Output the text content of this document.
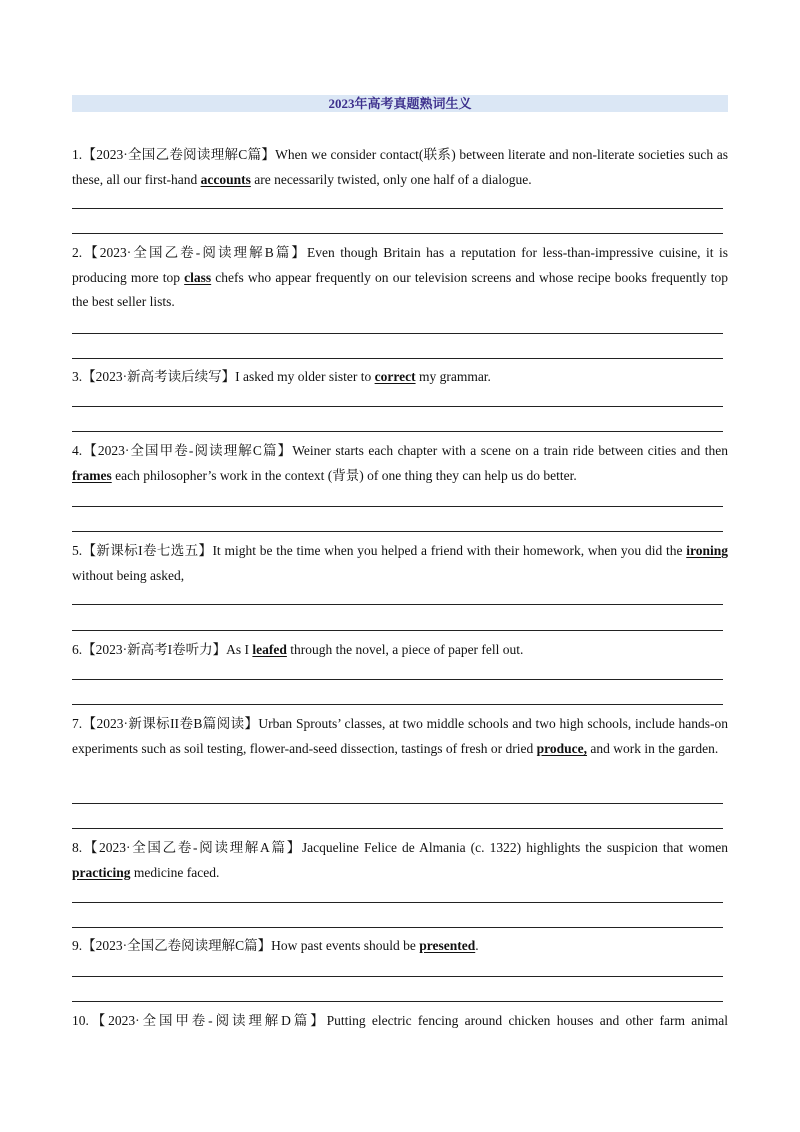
2023年高考真题熟词生义

1.【2023·全国乙卷阅读理解C篇】When we consider contact(联系) between literate and non-literate societies such as these, all our first-hand accounts are necessarily twisted, only one half of a dialogue.

2.【2023·全国乙卷-阅读理解B篇】Even though Britain has a reputation for less-than-impressive cuisine, it is producing more top class chefs who appear frequently on our television screens and whose recipe books frequently top the best seller lists.

3.【2023·新高考读后续写】I asked my older sister to correct my grammar.

4.【2023·全国甲卷-阅读理解C篇】Weiner starts each chapter with a scene on a train ride between cities and then frames each philosopher’s work in the context (背景) of one thing they can help us do better.

5.【新课标I卷七选五】It might be the time when you helped a friend with their homework, when you did the ironing without being asked,

6.【2023·新高考I卷听力】As I leafed through the novel, a piece of paper fell out.

7.【2023·新课标II卷B篇阅读】Urban Sprouts’ classes, at two middle schools and two high schools, include hands-on experiments such as soil testing, flower-and-seed dissection, tastings of fresh or dried produce, and work in the garden.

8.【2023·全国乙卷-阅读理解A篇】Jacqueline Felice de Almania (c. 1322) highlights the suspicion that women practicing medicine faced.

9.【2023·全国乙卷阅读理解C篇】How past events should be presented.

10.【2023·全国甲卷-阅读理解D篇】Putting electric fencing around chicken houses and other farm animal
